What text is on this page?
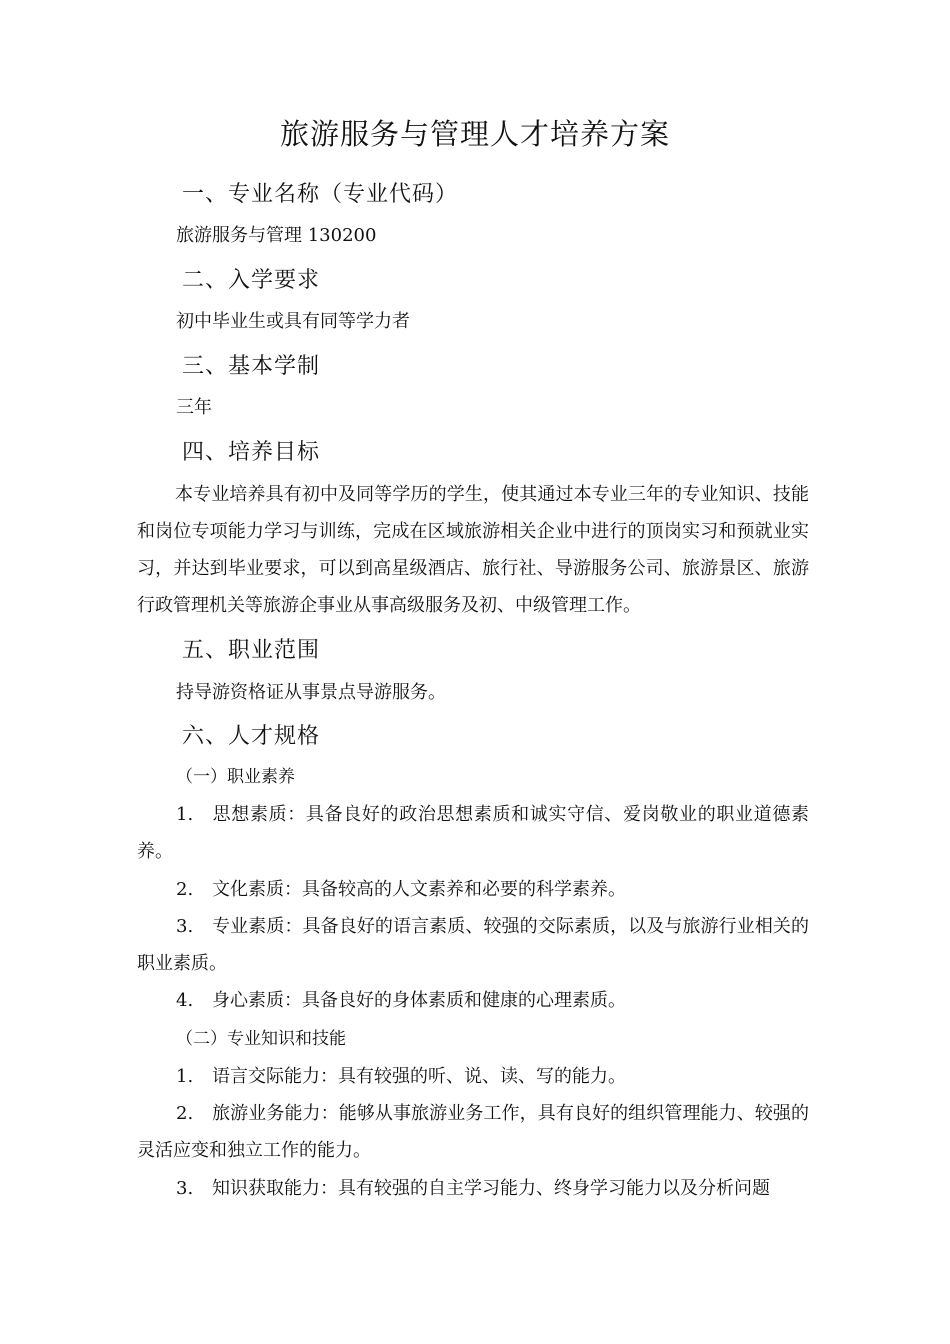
旅游服务与管理人才培养方案
一、专业名称（专业代码）
旅游服务与管理 130200
二、入学要求
初中毕业生或具有同等学力者
三、基本学制
三年
四、培养目标
本专业培养具有初中及同等学历的学生，使其通过本专业三年的专业知识、技能和岗位专项能力学习与训练，完成在区域旅游相关企业中进行的顶岗实习和预就业实习，并达到毕业要求，可以到高星级酒店、旅行社、导游服务公司、旅游景区、旅游行政管理机关等旅游企事业从事高级服务及初、中级管理工作。
五、职业范围
持导游资格证从事景点导游服务。
六、人才规格
（一）职业素养
1. 思想素质：具备良好的政治思想素质和诚实守信、爱岗敬业的职业道德素养。
2. 文化素质：具备较高的人文素养和必要的科学素养。
3. 专业素质：具备良好的语言素质、较强的交际素质，以及与旅游行业相关的职业素质。
4. 身心素质：具备良好的身体素质和健康的心理素质。
（二）专业知识和技能
1. 语言交际能力：具有较强的听、说、读、写的能力。
2. 旅游业务能力：能够从事旅游业务工作，具有良好的组织管理能力、较强的灵活应变和独立工作的能力。
3. 知识获取能力：具有较强的自主学习能力、终身学习能力以及分析问题
